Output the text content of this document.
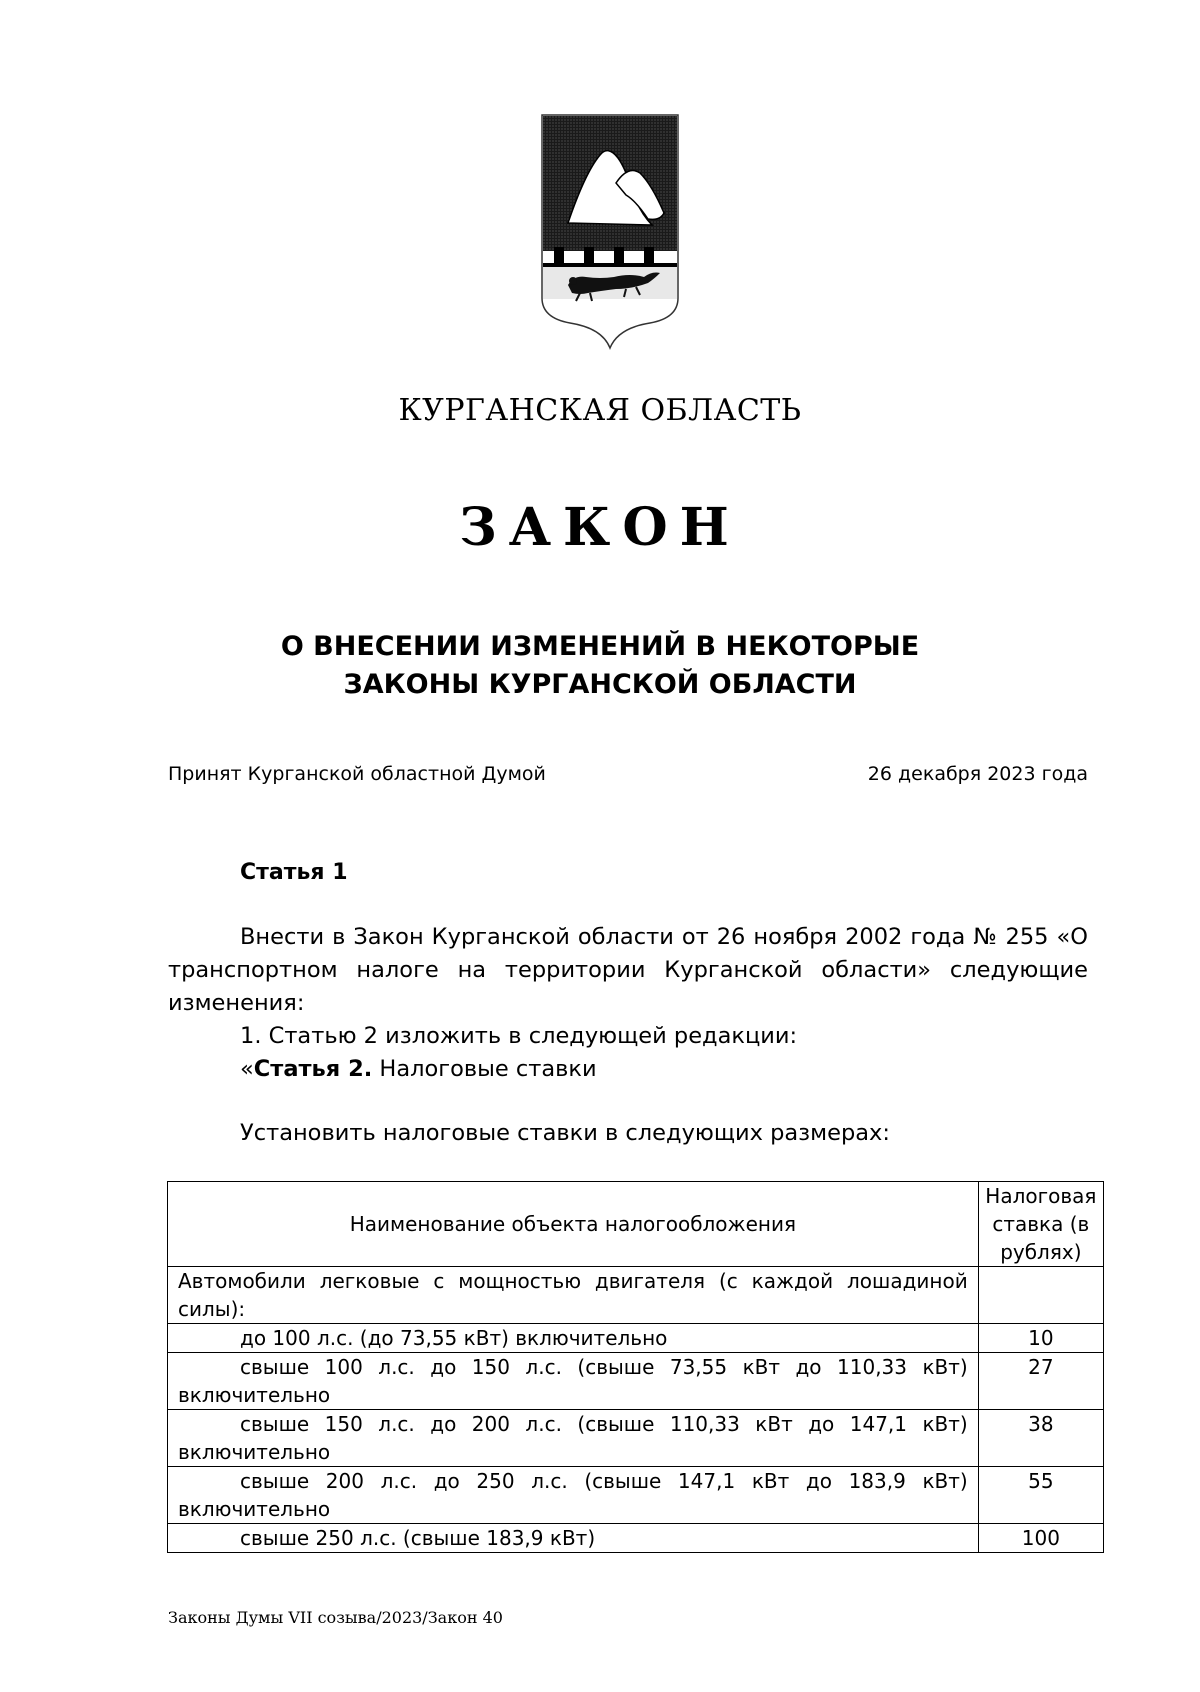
КУРГАНСКАЯ ОБЛАСТЬ
ЗАКОН
О ВНЕСЕНИИ ИЗМЕНЕНИЙ В НЕКОТОРЫЕ
ЗАКОНЫ КУРГАНСКОЙ ОБЛАСТИ
Принят Курганской областной Думой	26 декабря 2023 года
Статья 1
Внести в Закон Курганской области от 26 ноября 2002 года № 255 «О транспортном налоге на территории Курганской области» следующие изменения:
1. Статью 2 изложить в следующей редакции:
«Статья 2. Налоговые ставки
Установить налоговые ставки в следующих размерах:
Наименование объекта налогообложения	Налоговая ставка (в рублях)
Автомобили легковые с мощностью двигателя (с каждой лошадиной силы):	
до 100 л.с. (до 73,55 кВт) включительно	10
свыше 100 л.с. до 150 л.с. (свыше 73,55 кВт до 110,33 кВт) включительно	27
свыше 150 л.с. до 200 л.с. (свыше 110,33 кВт до 147,1 кВт) включительно	38
свыше 200 л.с. до 250 л.с. (свыше 147,1 кВт до 183,9 кВт) включительно	55
свыше 250 л.с. (свыше 183,9 кВт)	100
Законы Думы VII созыва/2023/Закон 40
